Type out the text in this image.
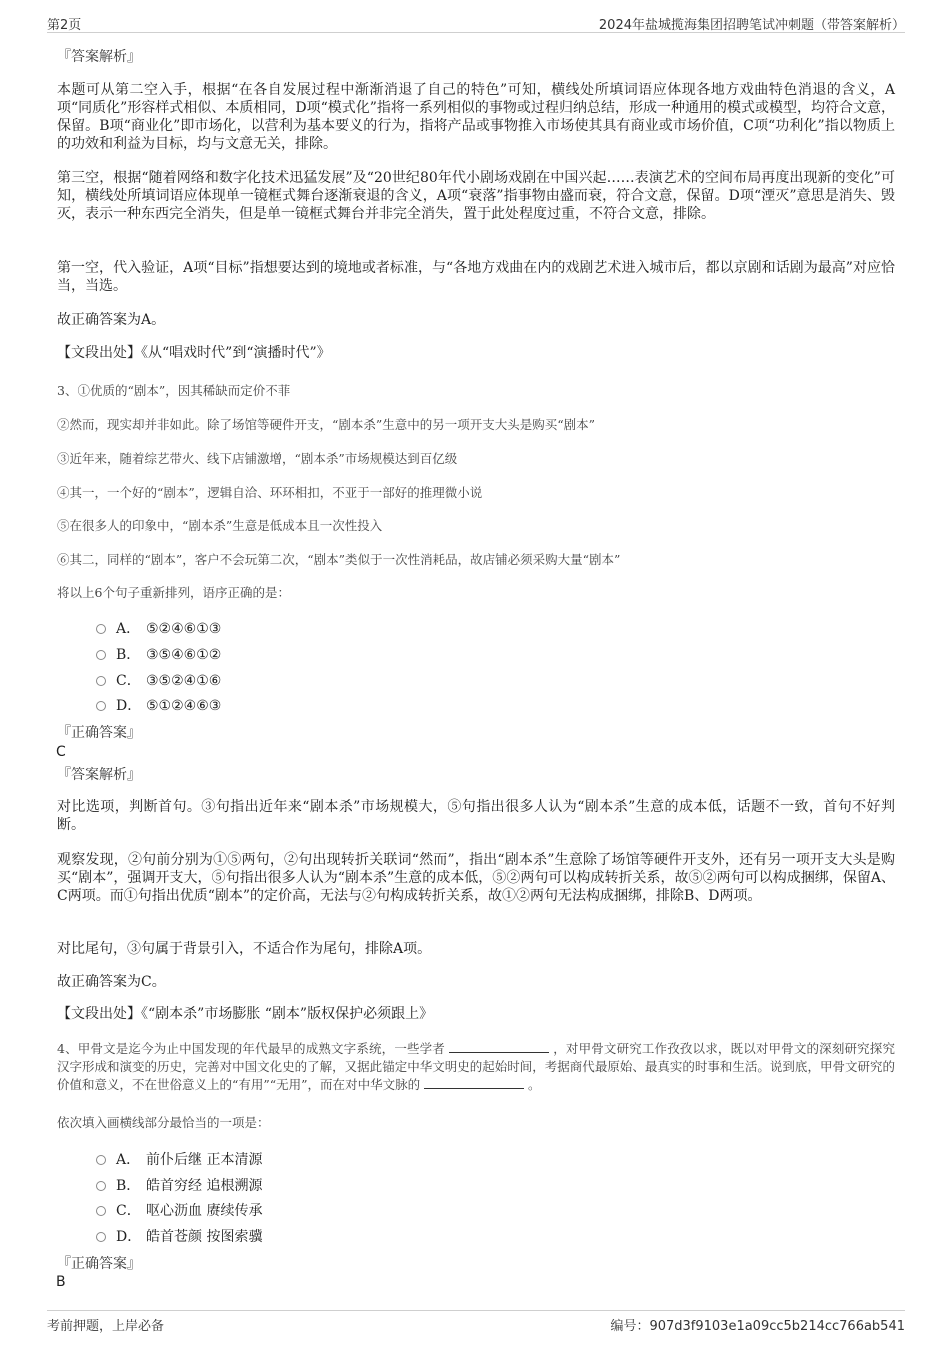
第2页	2024年盐城揽海集团招聘笔试冲刺题（带答案解析）
『答案解析』
本题可从第二空入手，根据“在各自发展过程中渐渐消退了自己的特色”可知，横线处所填词语应体现各地方戏曲特色消退的含义，A项“同质化”形容样式相似、本质相同，D项“模式化”指将一系列相似的事物或过程归纳总结，形成一种通用的模式或模型，均符合文意，保留。B项“商业化”即市场化，以营利为基本要义的行为，指将产品或事物推入市场使其具有商业或市场价值，C项“功利化”指以物质上的功效和利益为目标，均与文意无关，排除。
第三空，根据“随着网络和数字化技术迅猛发展”及“20世纪80年代小剧场戏剧在中国兴起……表演艺术的空间布局再度出现新的变化”可知，横线处所填词语应体现单一镜框式舞台逐渐衰退的含义，A项“衰落”指事物由盛而衰，符合文意，保留。D项“湮灭”意思是消失、毁灭，表示一种东西完全消失，但是单一镜框式舞台并非完全消失，置于此处程度过重，不符合文意，排除。
第一空，代入验证，A项“目标”指想要达到的境地或者标准，与“各地方戏曲在内的戏剧艺术进入城市后，都以京剧和话剧为最高”对应恰当，当选。
故正确答案为A。
【文段出处】《从“唱戏时代”到“演播时代”》
3、①优质的“剧本”，因其稀缺而定价不菲
②然而，现实却并非如此。除了场馆等硬件开支，“剧本杀”生意中的另一项开支大头是购买“剧本”
③近年来，随着综艺带火、线下店铺激增，“剧本杀”市场规模达到百亿级
④其一，一个好的“剧本”，逻辑自洽、环环相扣，不亚于一部好的推理微小说
⑤在很多人的印象中，“剧本杀”生意是低成本且一次性投入
⑥其二，同样的“剧本”，客户不会玩第二次，“剧本”类似于一次性消耗品，故店铺必须采购大量“剧本”
将以上6个句子重新排列，语序正确的是：
A． ⑤②④⑥①③
B． ③⑤④⑥①②
C． ③⑤②④①⑥
D． ⑤①②④⑥③
『正确答案』
C
『答案解析』
对比选项，判断首句。③句指出近年来“剧本杀”市场规模大，⑤句指出很多人认为“剧本杀”生意的成本低，话题不一致，首句不好判断。
观察发现，②句前分别为①⑤两句，②句出现转折关联词“然而”，指出“剧本杀”生意除了场馆等硬件开支外，还有另一项开支大头是购买“剧本”，强调开支大，⑤句指出很多人认为“剧本杀”生意的成本低，⑤②两句可以构成转折关系，故⑤②两句可以构成捆绑，保留A、C两项。而①句指出优质“剧本”的定价高，无法与②句构成转折关系，故①②两句无法构成捆绑，排除B、D两项。
对比尾句，③句属于背景引入，不适合作为尾句，排除A项。
故正确答案为C。
【文段出处】《“剧本杀”市场膨胀 “剧本”版权保护必须跟上》
4、甲骨文是迄今为止中国发现的年代最早的成熟文字系统，一些学者	，对甲骨文研究工作孜孜以求，既以对甲骨文的深刻研究探究汉字形成和演变的历史，完善对中国文化史的了解，又据此锚定中华文明史的起始时间，考据商代最原始、最真实的时事和生活。说到底，甲骨文研究的价值和意义，不在世俗意义上的“有用”“无用”，而在对中华文脉的	。
依次填入画横线部分最恰当的一项是：
A． 前仆后继 正本清源
B． 皓首穷经 追根溯源
C． 呕心沥血 赓续传承
D． 皓首苍颜 按图索骥
『正确答案』
B
考前押题，上岸必备	编号：907d3f9103e1a09cc5b214cc766ab541
